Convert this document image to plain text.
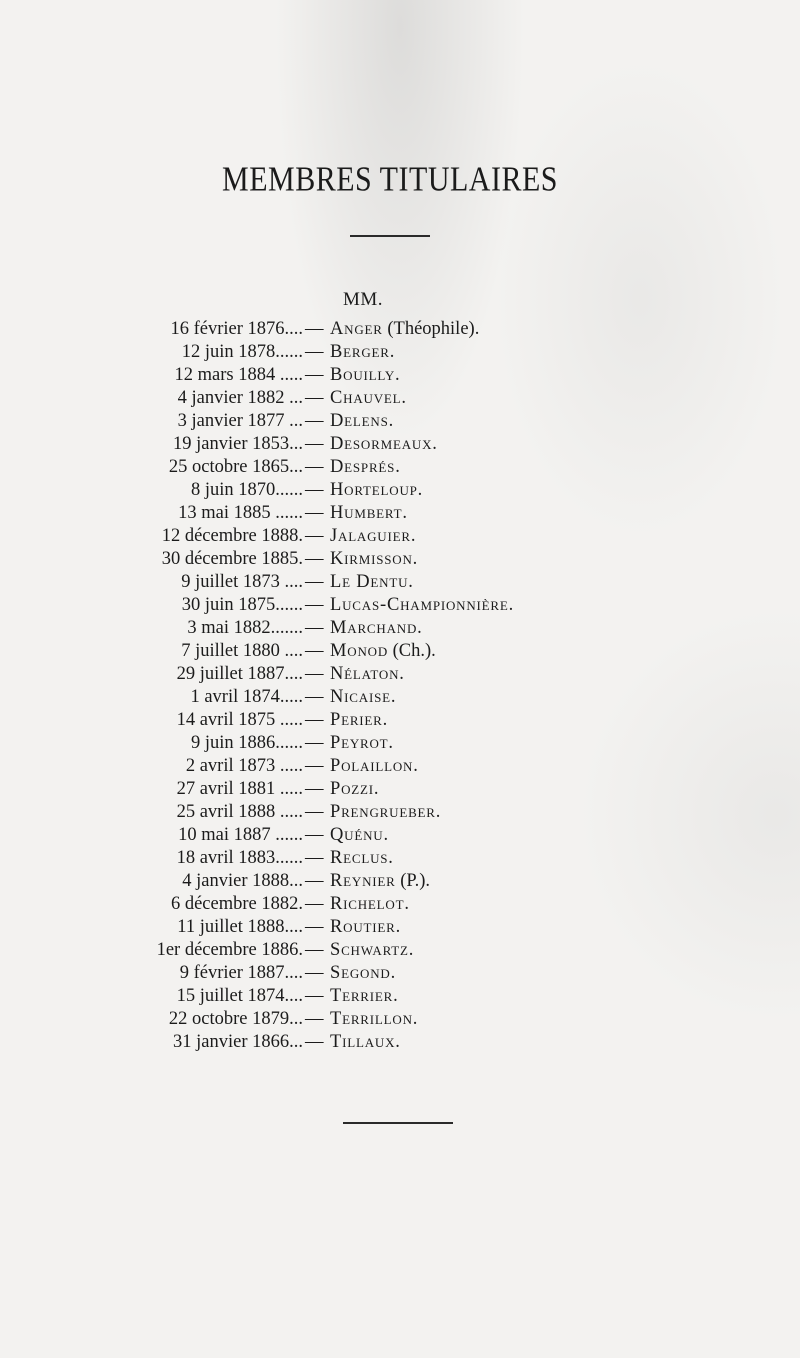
MEMBRES TITULAIRES
MM.
16 février 1876.... — Anger (Théophile).
12 juin 1878...... — Berger.
12 mars 1884 ..... — Bouilly.
4 janvier 1882 ... — Chauvel.
3 janvier 1877 ... — Delens.
19 janvier 1853... — Desormeaux.
25 octobre 1865... — Després.
8 juin 1870...... — Horteloup.
13 mai 1885 ...... — Humbert.
12 décembre 1888. — Jalaguier.
30 décembre 1885. — Kirmisson.
9 juillet 1873 .... — Le Dentu.
30 juin 1875...... — Lucas-Championnière.
3 mai 1882....... — Marchand.
7 juillet 1880 .... — Monod (Ch.).
29 juillet 1887.... — Nélaton.
1 avril 1874..... — Nicaise.
14 avril 1875 ..... — Perier.
9 juin 1886...... — Peyrot.
2 avril 1873 ..... — Polaillon.
27 avril 1881 ..... — Pozzi.
25 avril 1888 ..... — Prengrueber.
10 mai 1887 ...... — Quénu.
18 avril 1883...... — Reclus.
4 janvier 1888... — Reynier (P.).
6 décembre 1882. — Richelot.
11 juillet 1888.... — Routier.
1er décembre 1886. — Schwartz.
9 février 1887.... — Segond.
15 juillet 1874.... — Terrier.
22 octobre 1879... — Terrillon.
31 janvier 1866... — Tillaux.
